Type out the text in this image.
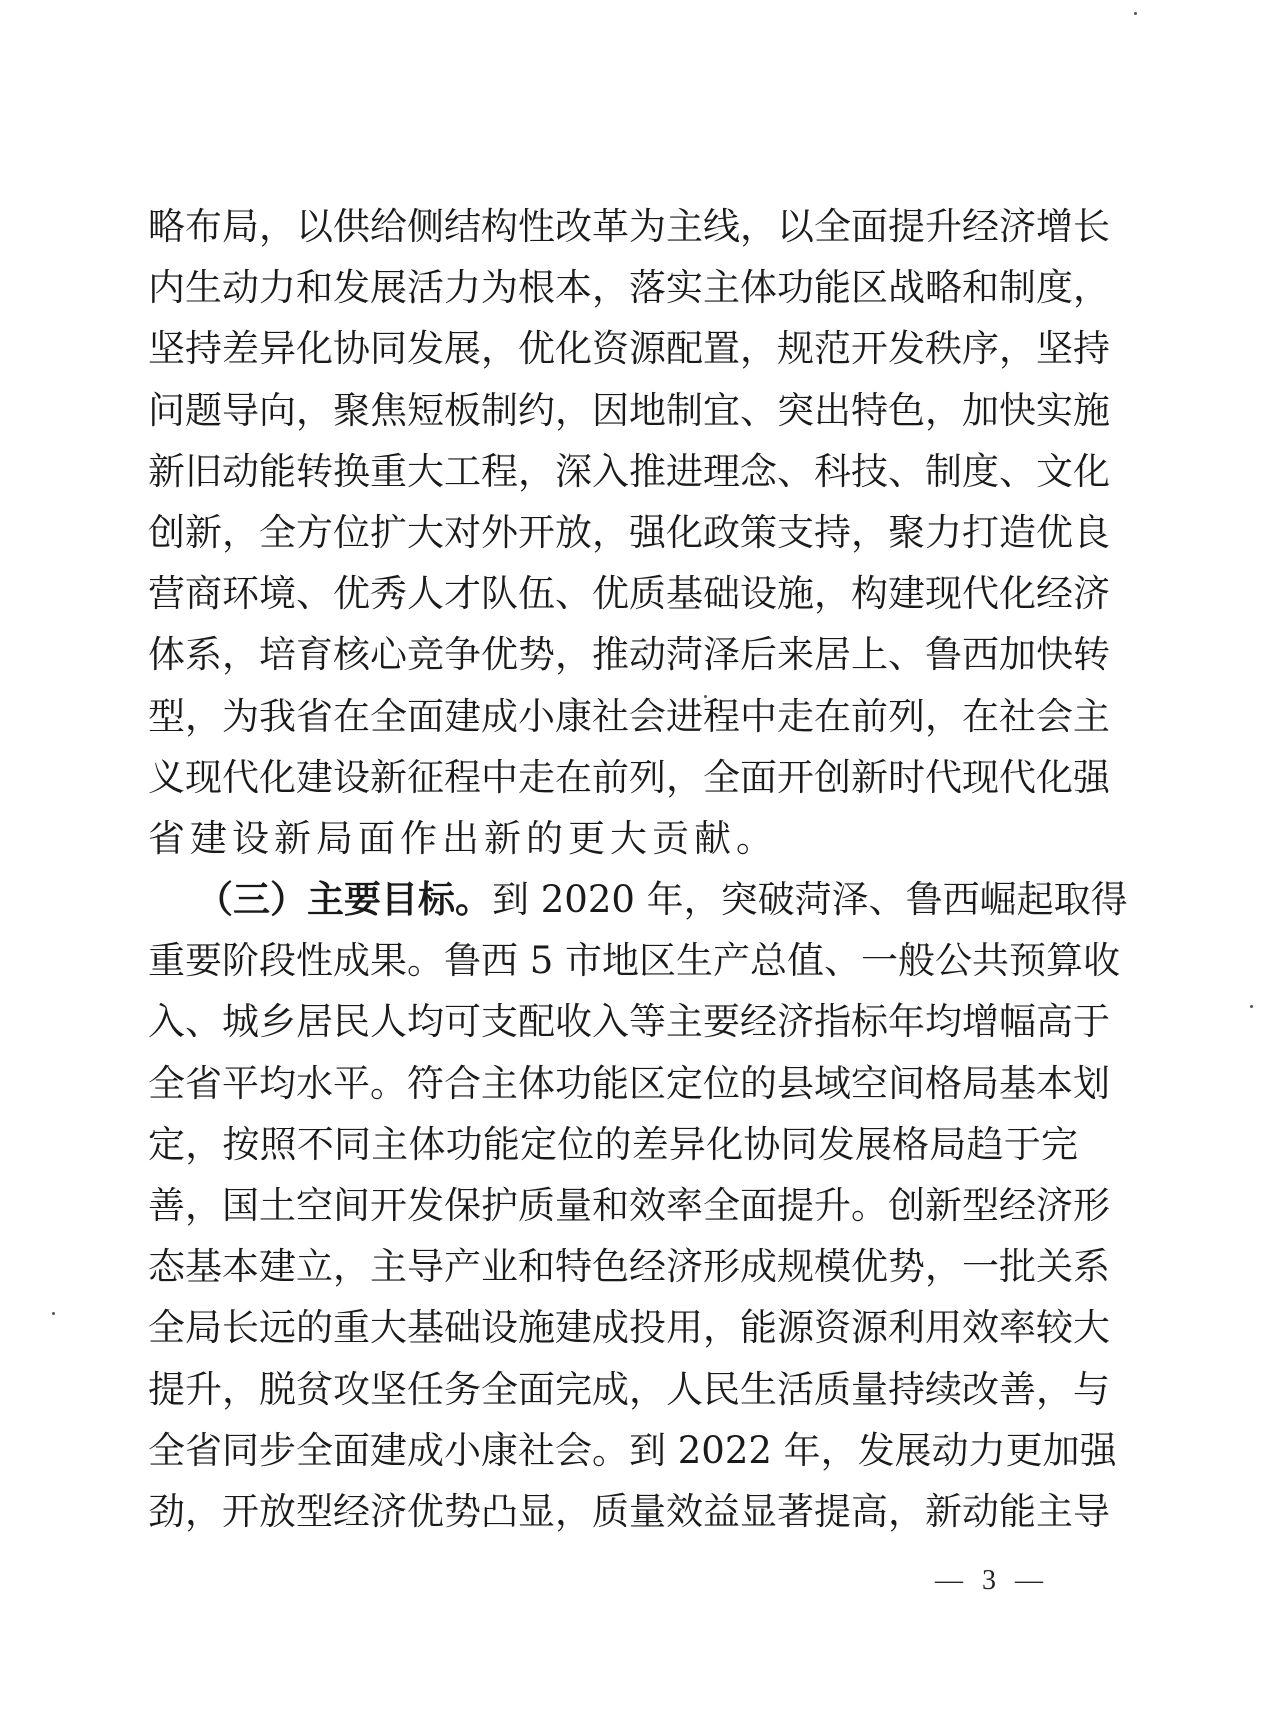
略布局，以供给侧结构性改革为主线，以全面提升经济增长
内生动力和发展活力为根本，落实主体功能区战略和制度，
坚持差异化协同发展，优化资源配置，规范开发秩序，坚持
问题导向，聚焦短板制约，因地制宜、突出特色，加快实施
新旧动能转换重大工程，深入推进理念、科技、制度、文化
创新，全方位扩大对外开放，强化政策支持，聚力打造优良
营商环境、优秀人才队伍、优质基础设施，构建现代化经济
体系，培育核心竞争优势，推动菏泽后来居上、鲁西加快转
型，为我省在全面建成小康社会进程中走在前列，在社会主
义现代化建设新征程中走在前列，全面开创新时代现代化强
省建设新局面作出新的更大贡献。
（三）主要目标。到 2020 年，突破菏泽、鲁西崛起取得
重要阶段性成果。鲁西 5 市地区生产总值、一般公共预算收
入、城乡居民人均可支配收入等主要经济指标年均增幅高于
全省平均水平。符合主体功能区定位的县域空间格局基本划
定，按照不同主体功能定位的差异化协同发展格局趋于完
善，国土空间开发保护质量和效率全面提升。创新型经济形
态基本建立，主导产业和特色经济形成规模优势，一批关系
全局长远的重大基础设施建成投用，能源资源利用效率较大
提升，脱贫攻坚任务全面完成，人民生活质量持续改善，与
全省同步全面建成小康社会。到 2022 年，发展动力更加强
劲，开放型经济优势凸显，质量效益显著提高，新动能主导
— 3 —
